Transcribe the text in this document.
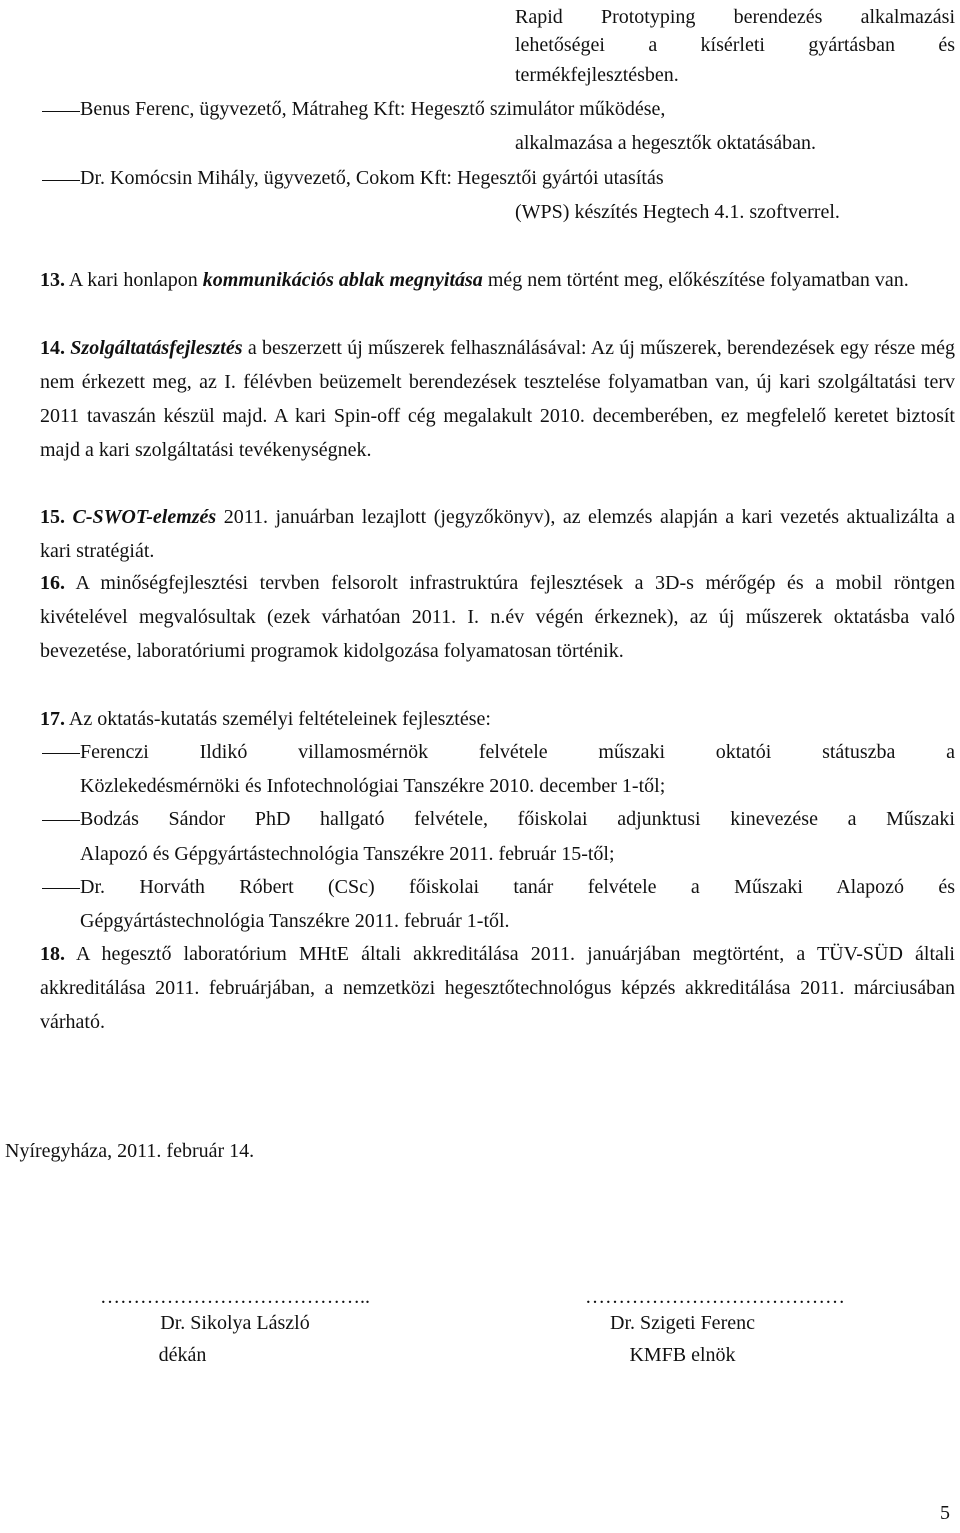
Rapid Prototyping berendezés alkalmazási
lehetőségei a kísérleti gyártásban és
termékfejlesztésben.
Benus Ferenc, ügyvezető, Mátraheg Kft: Hegesztő szimulátor működése,
alkalmazása a hegesztők oktatásában.
Dr. Komócsin Mihály, ügyvezető, Cokom Kft: Hegesztői gyártói utasítás
(WPS) készítés Hegtech 4.1. szoftverrel.
13. A kari honlapon kommunikációs ablak megnyitása még nem történt meg, előkészítése folyamatban van.
14. Szolgáltatásfejlesztés a beszerzett új műszerek felhasználásával: Az új műszerek, berendezések egy része még nem érkezett meg, az I. félévben beüzemelt berendezések tesztelése folyamatban van, új kari szolgáltatási terv 2011 tavaszán készül majd. A kari Spin-off cég megalakult 2010. decemberében, ez megfelelő keretet biztosít majd a kari szolgáltatási tevékenységnek.
15. C-SWOT-elemzés 2011. januárban lezajlott (jegyzőkönyv), az elemzés alapján a kari vezetés aktualizálta a kari stratégiát.
16. A minőségfejlesztési tervben felsorolt infrastruktúra fejlesztések a 3D-s mérőgép és a mobil röntgen kivételével megvalósultak (ezek várhatóan 2011. I. n.év végén érkeznek), az új műszerek oktatásba való bevezetése, laboratóriumi programok kidolgozása folyamatosan történik.
17. Az oktatás-kutatás személyi feltételeinek fejlesztése:
Ferenczi Ildikó villamosmérnök felvétele műszaki oktatói státuszba a
Közlekedésmérnöki és Infotechnológiai Tanszékre 2010. december 1-től;
Bodzás Sándor PhD hallgató felvétele, főiskolai adjunktusi kinevezése a Műszaki
Alapozó és Gépgyártástechnológia Tanszékre 2011. február 15-től;
Dr. Horváth Róbert (CSc) főiskolai tanár felvétele a Műszaki Alapozó és
Gépgyártástechnológia Tanszékre 2011. február 1-től.
18. A hegesztő laboratórium MHtE általi akkreditálása 2011. januárjában megtörtént, a TÜV-SÜD általi akkreditálása 2011. februárjában, a nemzetközi hegesztőtechnológus képzés akkreditálása 2011. márciusában várható.
Nyíregyháza, 2011. február 14.
…………………………………..
Dr. Sikolya László
dékán
…………………………………
Dr. Szigeti Ferenc
KMFB elnök
5
